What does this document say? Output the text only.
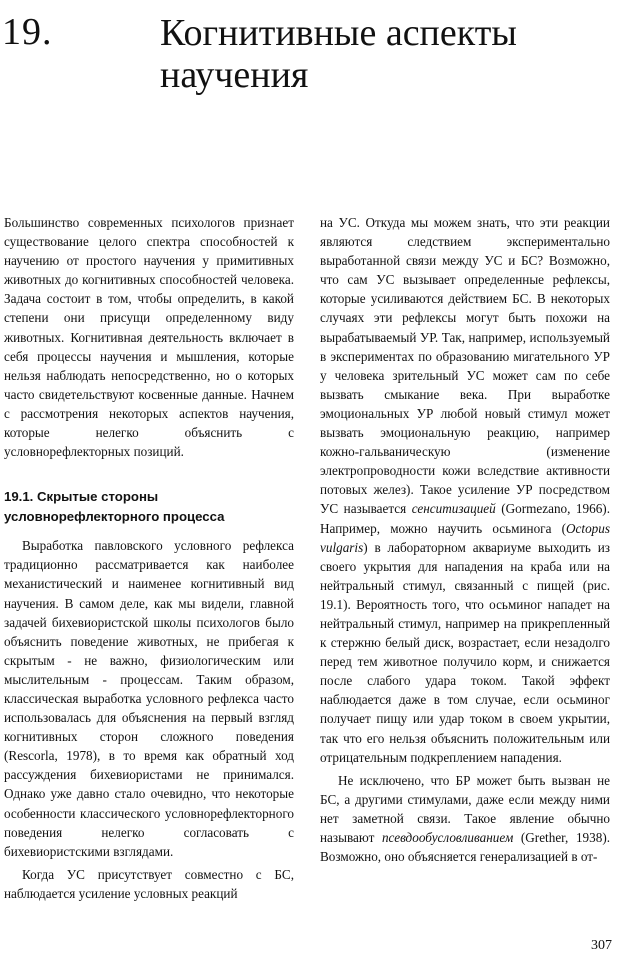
19.	Когнитивные аспекты научения

Большинство современных психологов признает существование целого спектра способностей к научению от простого научения у примитивных животных до когнитивных способностей человека. Задача состоит в том, чтобы определить, в какой степени они присущи определенному виду животных. Когнитивная деятельность включает в себя процессы научения и мышления, которые нельзя наблюдать непосредственно, но о которых часто свидетельствуют косвенные данные. Начнем с рассмотрения некоторых аспектов научения, которые нелегко объяснить с условнорефлекторных позиций.

19.1. Скрытые стороны условнорефлекторного процесса

Выработка павловского условного рефлекса традиционно рассматривается как наиболее механистический и наименее когнитивный вид научения. В самом деле, как мы видели, главной задачей бихевиористской школы психологов было объяснить поведение животных, не прибегая к скрытым - не важно, физиологическим или мыслительным - процессам. Таким образом, классическая выработка условного рефлекса часто использовалась для объяснения на первый взгляд когнитивных сторон сложного поведения (Rescorla, 1978), в то время как обратный ход рассуждения бихевиористами не принимался. Однако уже давно стало очевидно, что некоторые особенности классического условнорефлекторного поведения нелегко согласовать с бихевиористскими взглядами.

Когда УС присутствует совместно с БС, наблюдается усиление условных реакций

на УС. Откуда мы можем знать, что эти реакции являются следствием экспериментально выработанной связи между УС и БС? Возможно, что сам УС вызывает определенные рефлексы, которые усиливаются действием БС. В некоторых случаях эти рефлексы могут быть похожи на вырабатываемый УР. Так, например, используемый в экспериментах по образованию мигательного УР у человека зрительный УС может сам по себе вызвать смыкание века. При выработке эмоциональных УР любой новый стимул может вызвать эмоциональную реакцию, например кожно-гальваническую (изменение электропроводности кожи вследствие активности потовых желез). Такое усиление УР посредством УС называется сенситизацией (Gormezano, 1966). Например, можно научить осьминога (Octopus vulgaris) в лабораторном аквариуме выходить из своего укрытия для нападения на краба или на нейтральный стимул, связанный с пищей (рис. 19.1). Вероятность того, что осьминог нападет на нейтральный стимул, например на прикрепленный к стержню белый диск, возрастает, если незадолго перед тем животное получило корм, и снижается после слабого удара током. Такой эффект наблюдается даже в том случае, если осьминог получает пищу или удар током в своем укрытии, так что его нельзя объяснить положительным или отрицательным подкреплением нападения.

Не исключено, что БР может быть вызван не БС, а другими стимулами, даже если между ними нет заметной связи. Такое явление обычно называют псевдообусловливанием (Grether, 1938). Возможно, оно объясняется генерализацией в от-

307
